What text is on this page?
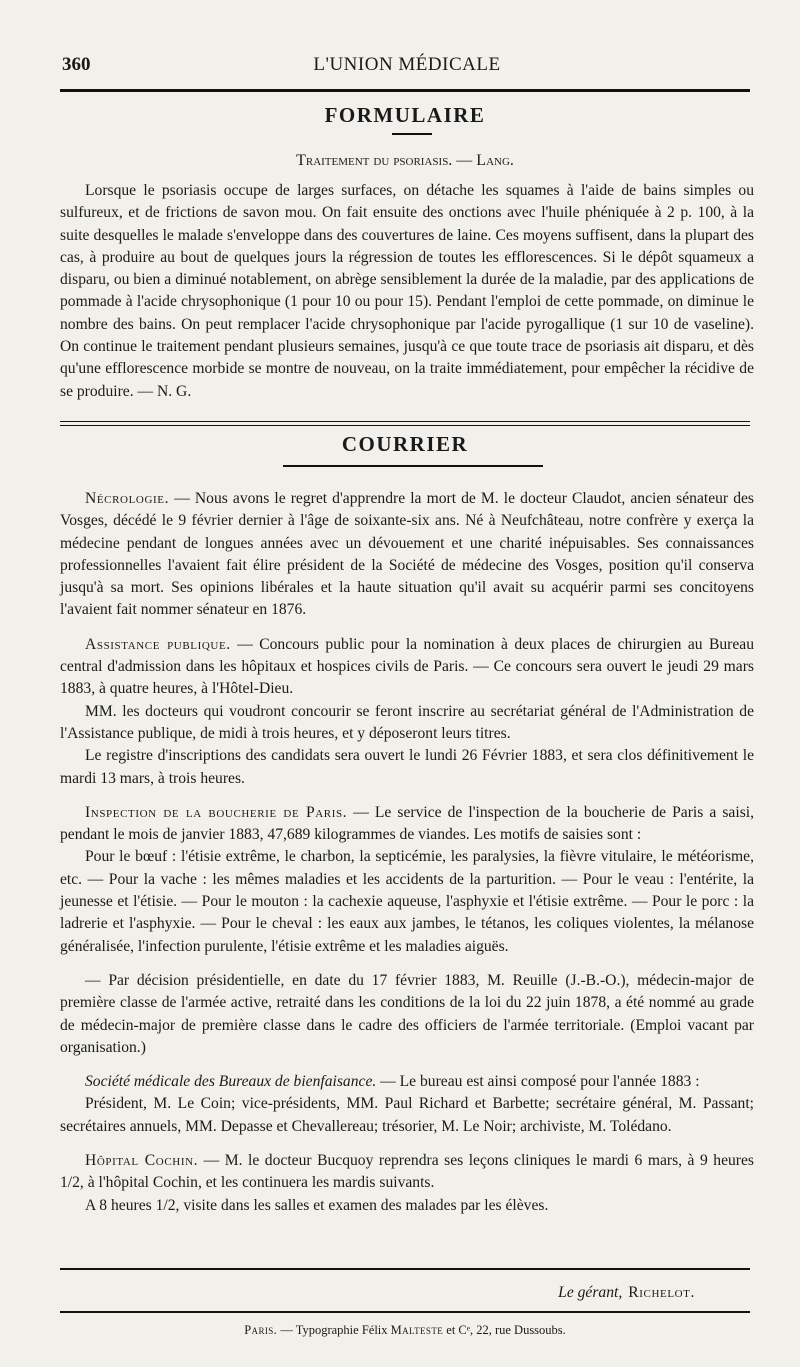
360	L'UNION MÉDICALE
FORMULAIRE
Traitement du psoriasis. — Lang.

Lorsque le psoriasis occupe de larges surfaces, on détache les squames à l'aide de bains simples ou sulfureux, et de frictions de savon mou. On fait ensuite des onctions avec l'huile phéniquée à 2 p. 100, à la suite desquelles le malade s'enveloppe dans des couvertures de laine. Ces moyens suffisent, dans la plupart des cas, à produire au bout de quelques jours la régression de toutes les efflorescences. Si le dépôt squameux a disparu, ou bien a diminué notablement, on abrège sensiblement la durée de la maladie, par des applications de pommade à l'acide chrysophonique (1 pour 10 ou pour 15). Pendant l'emploi de cette pommade, on diminue le nombre des bains. On peut remplacer l'acide chrysophonique par l'acide pyrogallique (1 sur 10 de vaseline). On continue le traitement pendant plusieurs semaines, jusqu'à ce que toute trace de psoriasis ait disparu, et dès qu'une efflorescence morbide se montre de nouveau, on la traite immédiatement, pour empêcher la récidive de se produire. — N. G.

COURRIER

Nécrologie. — Nous avons le regret d'apprendre la mort de M. le docteur Claudot, ancien sénateur des Vosges, décédé le 9 février dernier à l'âge de soixante-six ans. Né à Neufchâteau, notre confrère y exerça la médecine pendant de longues années avec un dévouement et une charité inépuisables. Ses connaissances professionnelles l'avaient fait élire président de la Société de médecine des Vosges, position qu'il conserva jusqu'à sa mort. Ses opinions libérales et la haute situation qu'il avait su acquérir parmi ses concitoyens l'avaient fait nommer sénateur en 1876.

Assistance publique. — Concours public pour la nomination à deux places de chirurgien au Bureau central d'admission dans les hôpitaux et hospices civils de Paris. — Ce concours sera ouvert le jeudi 29 mars 1883, à quatre heures, à l'Hôtel-Dieu.

MM. les docteurs qui voudront concourir se feront inscrire au secrétariat général de l'Administration de l'Assistance publique, de midi à trois heures, et y déposeront leurs titres.

Le registre d'inscriptions des candidats sera ouvert le lundi 26 Février 1883, et sera clos définitivement le mardi 13 mars, à trois heures.

Inspection de la boucherie de Paris. — Le service de l'inspection de la boucherie de Paris a saisi, pendant le mois de janvier 1883, 47,689 kilogrammes de viandes. Les motifs de saisies sont :

Pour le bœuf : l'étisie extrême, le charbon, la septicémie, les paralysies, la fièvre vitulaire, le météorisme, etc. — Pour la vache : les mêmes maladies et les accidents de la parturition. — Pour le veau : l'entérite, la jeunesse et l'étisie. — Pour le mouton : la cachexie aqueuse, l'asphyxie et l'étisie extrême. — Pour le porc : la ladrerie et l'asphyxie. — Pour le cheval : les eaux aux jambes, le tétanos, les coliques violentes, la mélanose généralisée, l'infection purulente, l'étisie extrême et les maladies aiguës.

— Par décision présidentielle, en date du 17 février 1883, M. Reuille (J.-B.-O.), médecin-major de première classe de l'armée active, retraité dans les conditions de la loi du 22 juin 1878, a été nommé au grade de médecin-major de première classe dans le cadre des officiers de l'armée territoriale. (Emploi vacant par organisation.)

Société médicale des Bureaux de bienfaisance. — Le bureau est ainsi composé pour l'année 1883 :

Président, M. Le Coin; vice-présidents, MM. Paul Richard et Barbette; secrétaire général, M. Passant; secrétaires annuels, MM. Depasse et Chevallereau; trésorier, M. Le Noir; archiviste, M. Tolédano.

Hôpital Cochin. — M. le docteur Bucquoy reprendra ses leçons cliniques le mardi 6 mars, à 9 heures 1/2, à l'hôpital Cochin, et les continuera les mardis suivants.

A 8 heures 1/2, visite dans les salles et examen des malades par les élèves.

Le gérant, Richelot.
Paris. — Typographie Félix Malteste et Cᵉ, 22, rue Dussoubs.
